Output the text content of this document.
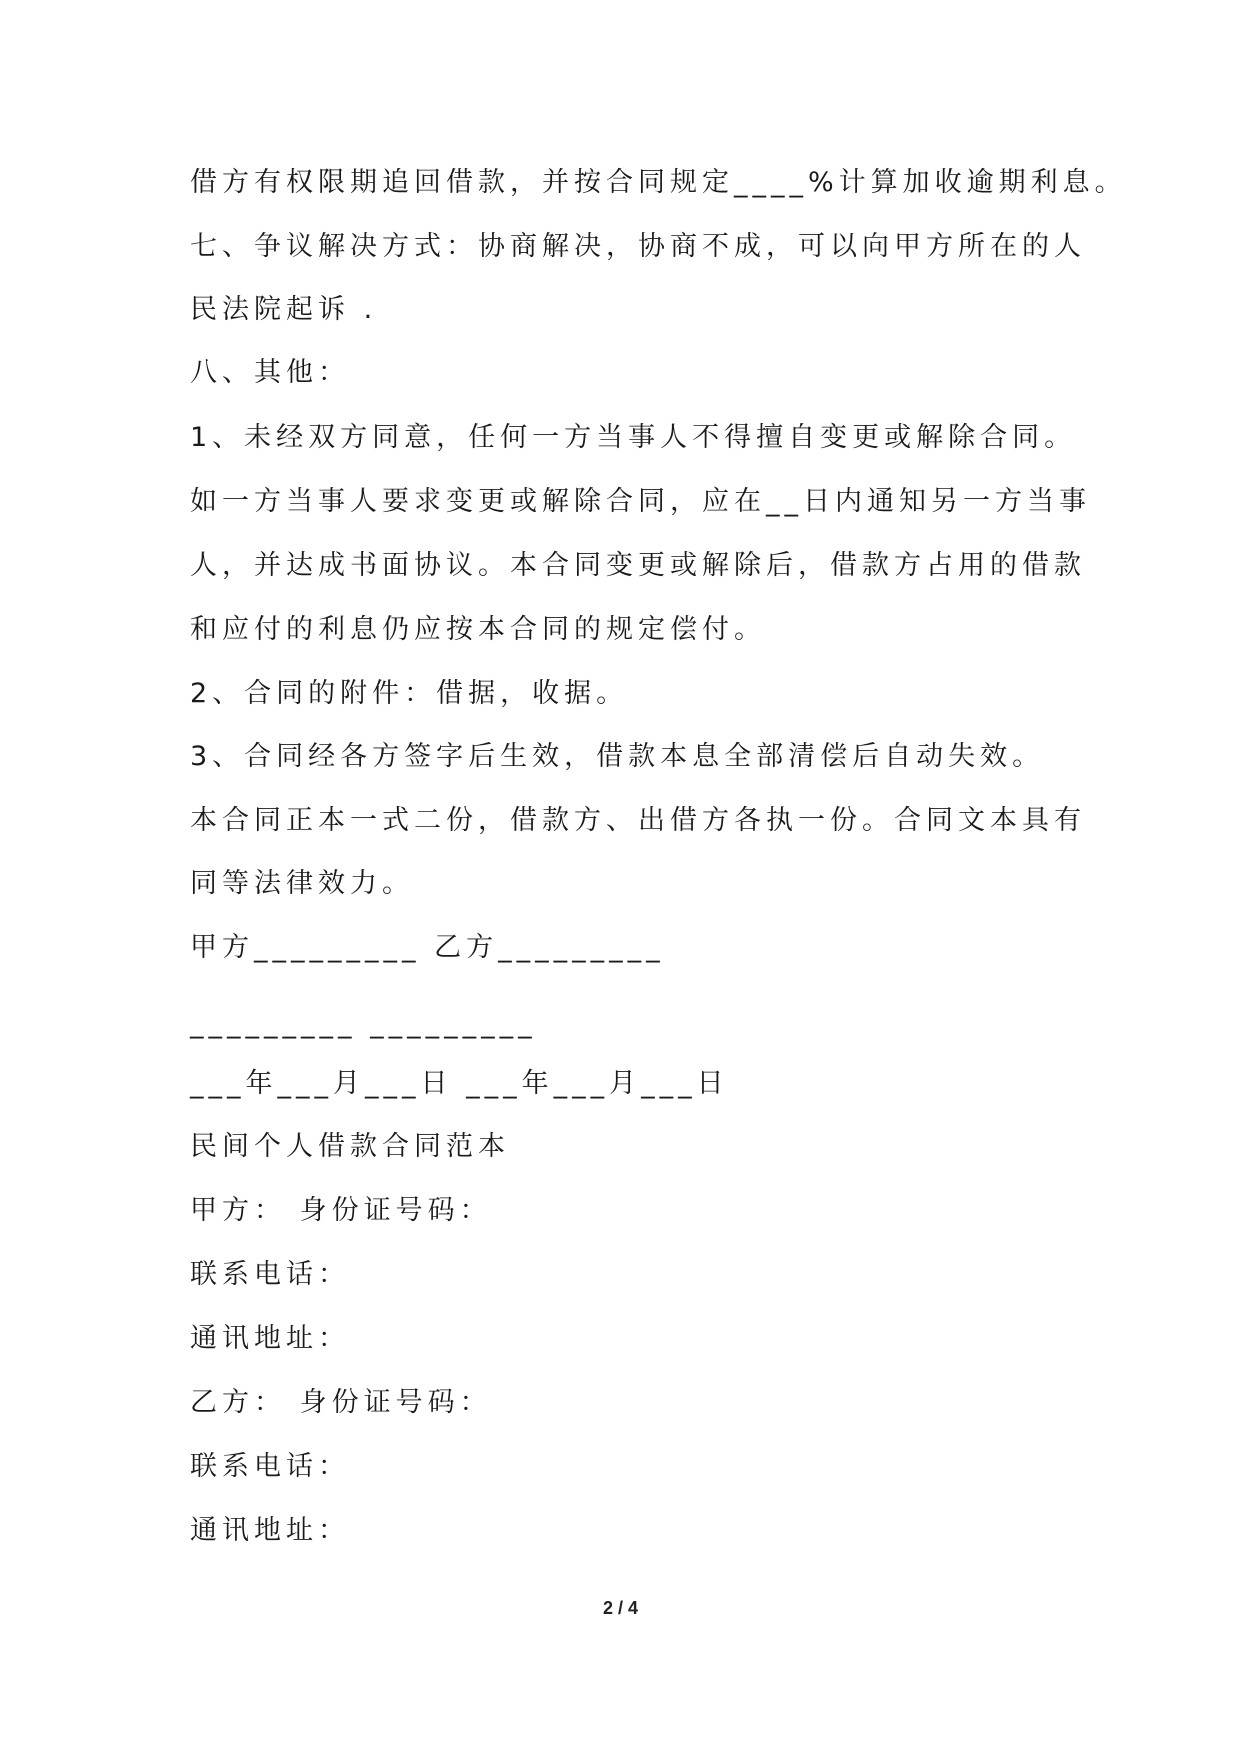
借方有权限期追回借款，并按合同规定____%计算加收逾期利息。
七、争议解决方式：协商解决，协商不成，可以向甲方所在的人
民法院起诉 .
八、其他：
1、未经双方同意，任何一方当事人不得擅自变更或解除合同。
如一方当事人要求变更或解除合同，应在__日内通知另一方当事
人，并达成书面协议。本合同变更或解除后，借款方占用的借款
和应付的利息仍应按本合同的规定偿付。
2、合同的附件：借据，收据。
3、合同经各方签字后生效，借款本息全部清偿后自动失效。
本合同正本一式二份，借款方、出借方各执一份。合同文本具有
同等法律效力。
甲方_________ 乙方_________
_________ _________
___年___月___日 ___年___月___日
民间个人借款合同范本
甲方： 身份证号码：
联系电话：
通讯地址：
乙方： 身份证号码：
联系电话：
通讯地址：
2 / 4
